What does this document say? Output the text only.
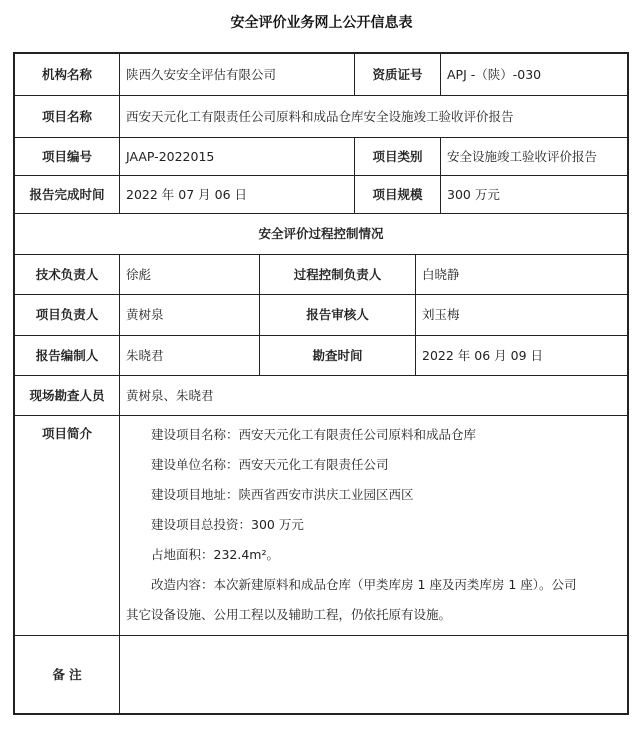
安全评价业务网上公开信息表
机构名称	陕西久安安全评估有限公司	资质证号	APJ -（陕）-030
项目名称	西安天元化工有限责任公司原料和成品仓库安全设施竣工验收评价报告
项目编号	JAAP-2022015	项目类别	安全设施竣工验收评价报告
报告完成时间	2022 年 07 月 06 日	项目规模	300 万元
安全评价过程控制情况
技术负责人	徐彪	过程控制负责人	白晓静
项目负责人	黄树泉	报告审核人	刘玉梅
报告编制人	朱晓君	勘查时间	2022 年 06 月 09 日
现场勘查人员	黄树泉、朱晓君
项目简介	建设项目名称：西安天元化工有限责任公司原料和成品仓库

建设单位名称：西安天元化工有限责任公司

建设项目地址：陕西省西安市洪庆工业园区西区

建设项目总投资：300 万元

占地面积：232.4m²。

改造内容：本次新建原料和成品仓库（甲类库房 1 座及丙类库房 1 座）。公司

其它设备设施、公用工程以及辅助工程，仍依托原有设施。

备 注
